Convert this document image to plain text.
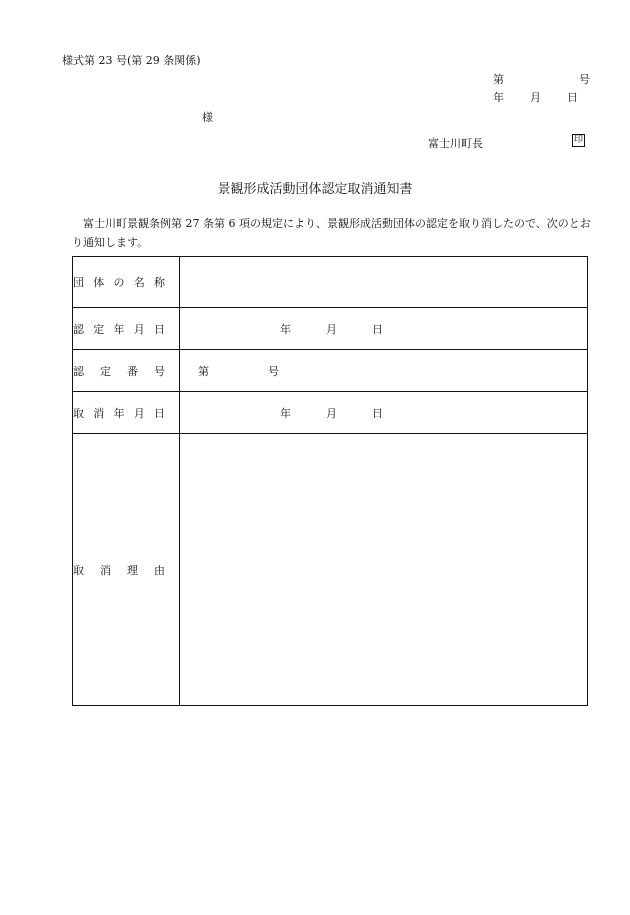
様式第 23 号(第 29 条関係)
第	号
年 月 日
様
富士川町長	印
景観形成活動団体認定取消通知書
富士川町景観条例第 27 条第 6 項の規定により、景観形成活動団体の認定を取り消したので、次のとおり通知します。
団 体 の 名 称	

認 定 年 月 日	年 月 日

認 定 番 号	第 号

取 消 年 月 日	年 月 日

取 消 理 由	
